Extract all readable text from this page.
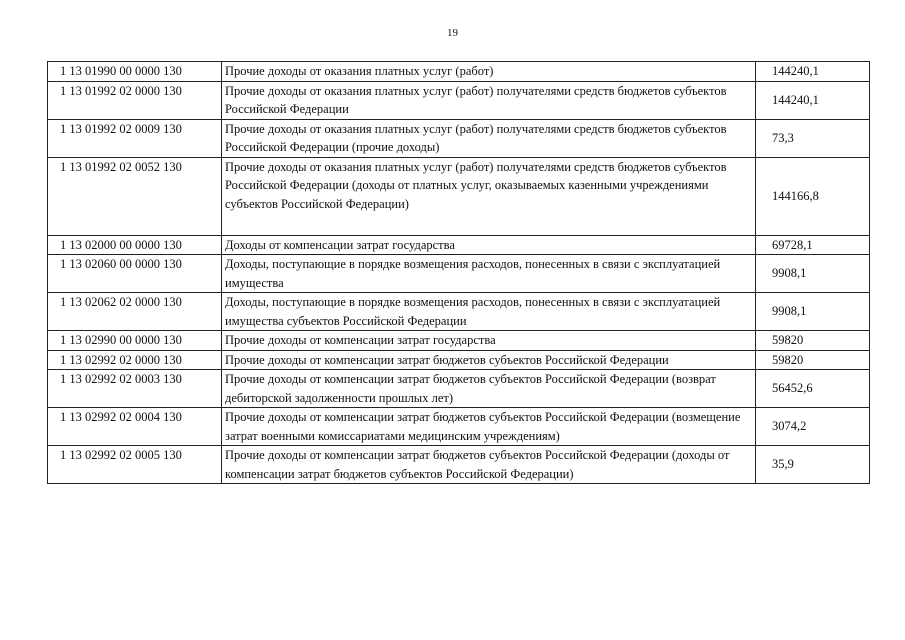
19
1 13 01990 00 0000 130	Прочие доходы от оказания платных услуг (работ)	144240,1
1 13 01992 02 0000 130	Прочие доходы от оказания платных услуг (работ) получателями средств бюджетов субъектов Российской Федерации	144240,1
1 13 01992 02 0009 130	Прочие доходы от оказания платных услуг (работ) получателями средств бюджетов субъектов Российской Федерации (прочие доходы)	73,3
1 13 01992 02 0052 130	Прочие доходы от оказания платных услуг (работ) получателями средств бюджетов субъектов Российской Федерации (доходы от платных услуг, оказываемых казенными учреждениями субъектов Российской Федерации)	144166,8
1 13 02000 00 0000 130	Доходы от компенсации затрат государства	69728,1
1 13 02060 00 0000 130	Доходы, поступающие в порядке возмещения расходов, понесенных в связи с эксплуатацией имущества	9908,1
1 13 02062 02 0000 130	Доходы, поступающие в порядке возмещения расходов, понесенных в связи с эксплуатацией имущества субъектов Российской Федерации	9908,1
1 13 02990 00 0000 130	Прочие доходы от компенсации затрат государства	59820
1 13 02992 02 0000 130	Прочие доходы от компенсации затрат бюджетов субъектов Российской Федерации	59820
1 13 02992 02 0003 130	Прочие доходы от компенсации затрат бюджетов субъектов Российской Федерации (возврат дебиторской задолженности прошлых лет)	56452,6
1 13 02992 02 0004 130	Прочие доходы от компенсации затрат бюджетов субъектов Российской Федерации (возмещение затрат военными комиссариатами медицинским учреждениям)	3074,2
1 13 02992 02 0005 130	Прочие доходы от компенсации затрат бюджетов субъектов Российской Федерации (доходы от компенсации затрат бюджетов субъектов Российской Федерации)	35,9
